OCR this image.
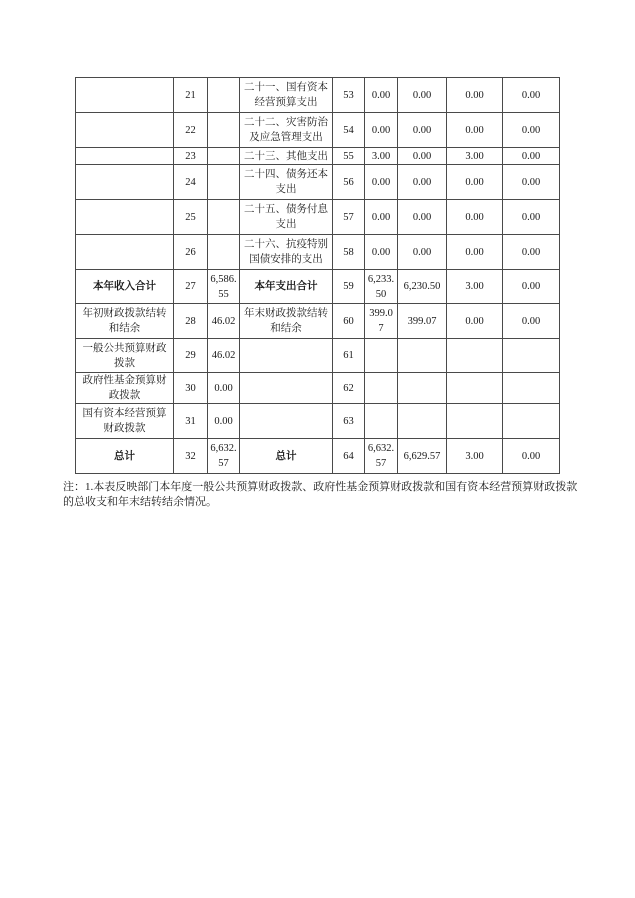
	21		二十一、国有资本经营预算支出	53	0.00	0.00	0.00	0.00
	22		二十二、灾害防治及应急管理支出	54	0.00	0.00	0.00	0.00
	23		二十三、其他支出	55	3.00	0.00	3.00	0.00
	24		二十四、债务还本支出	56	0.00	0.00	0.00	0.00
	25		二十五、债务付息支出	57	0.00	0.00	0.00	0.00
	26		二十六、抗疫特别国债安排的支出	58	0.00	0.00	0.00	0.00
本年收入合计	27	6,586.55	本年支出合计	59	6,233.50	6,230.50	3.00	0.00
年初财政拨款结转和结余	28	46.02	年末财政拨款结转和结余	60	399.07	399.07	0.00	0.00
一般公共预算财政拨款	29	46.02		61				
政府性基金预算财政拨款	30	0.00		62				
国有资本经营预算财政拨款	31	0.00		63				
总计	32	6,632.57	总计	64	6,632.57	6,629.57	3.00	0.00
注：1.本表反映部门本年度一般公共预算财政拨款、政府性基金预算财政拨款和国有资本经营预算财政拨款的总收支和年末结转结余情况。
